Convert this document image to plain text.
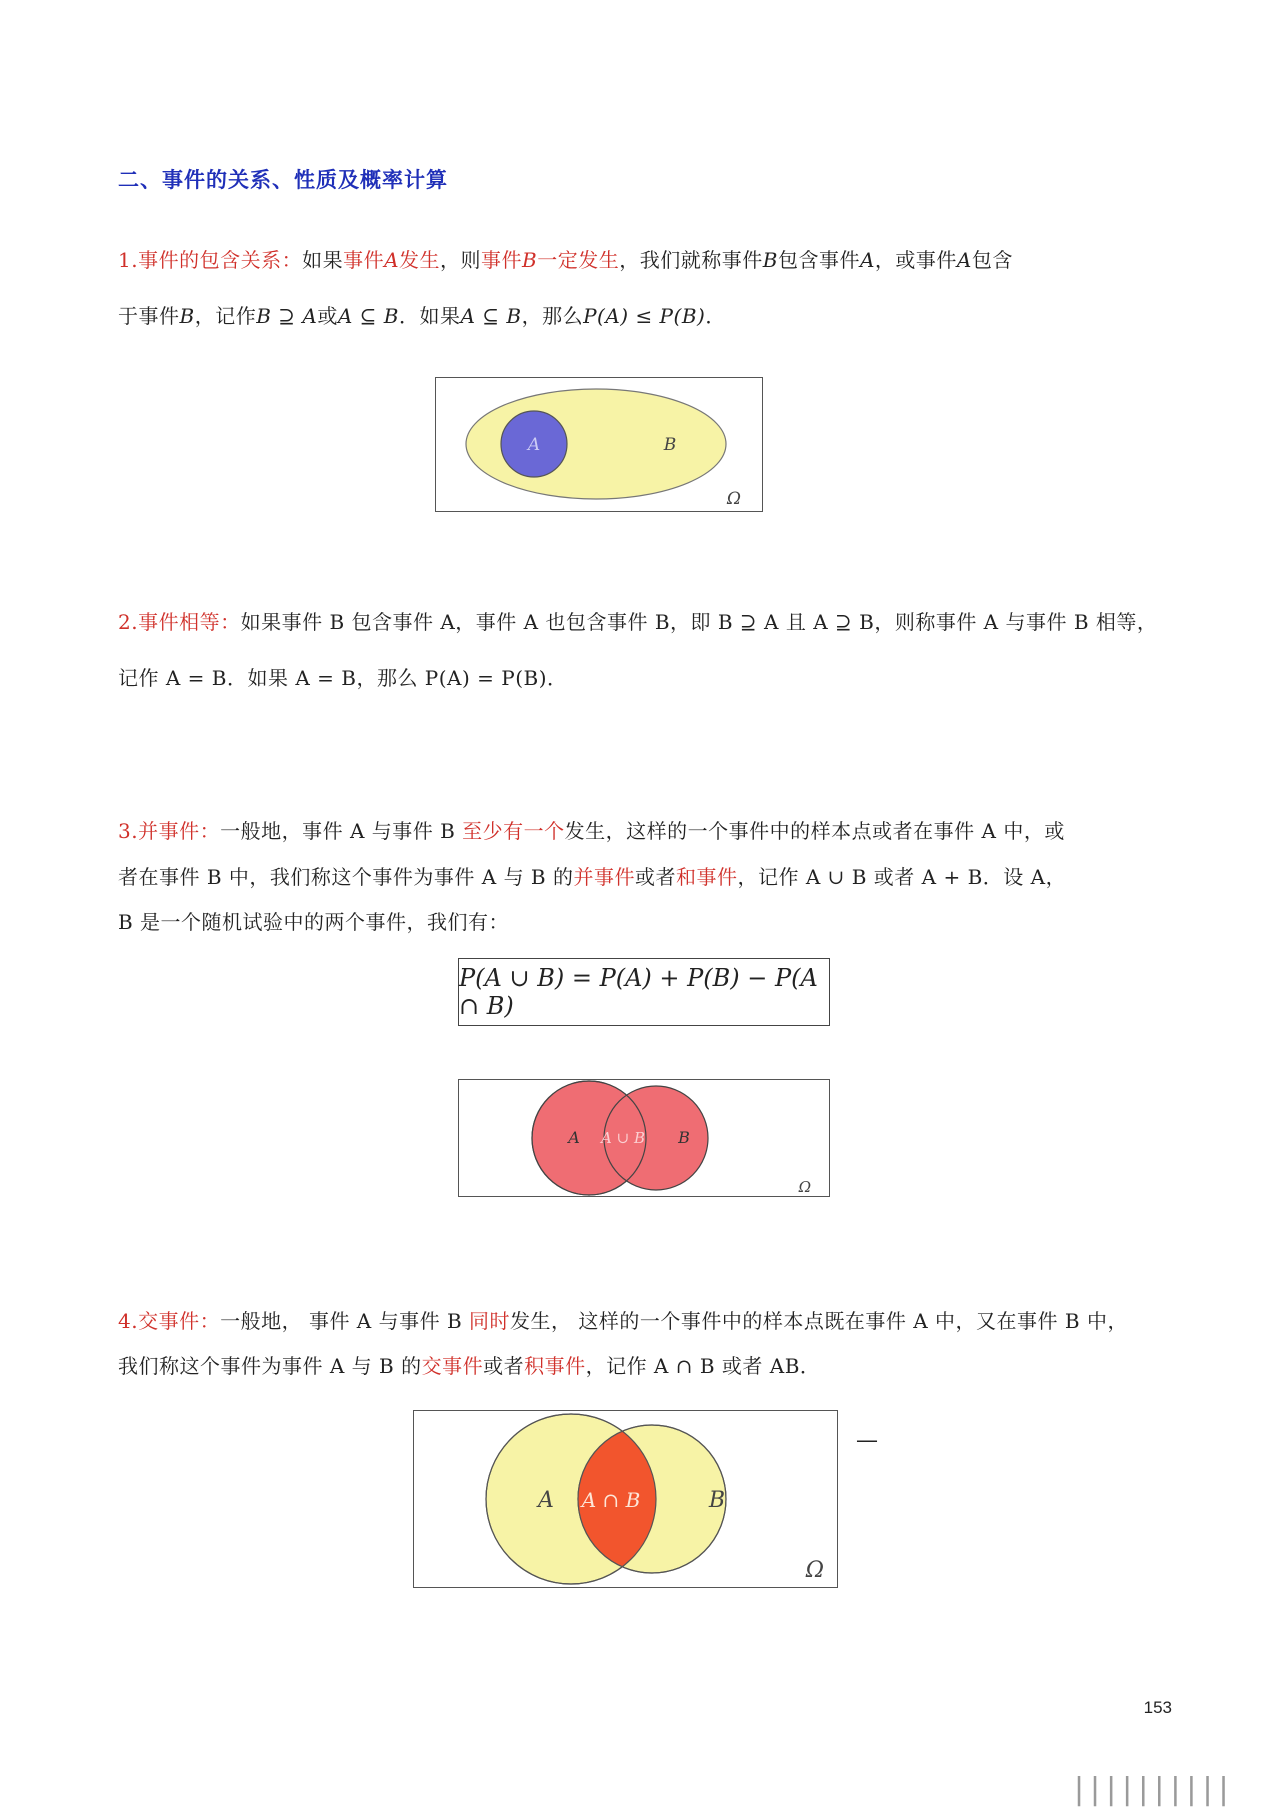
二、事件的关系、性质及概率计算
1.事件的包含关系：如果事件A发生，则事件B一定发生，我们就称事件B包含事件A，或事件A包含
于事件B，记作B ⊇ A或A ⊆ B．如果A ⊆ B，那么P(A) ≤ P(B)．
A	B
Ω
2.事件相等：如果事件 B 包含事件 A，事件 A 也包含事件 B，即 B ⊇ A 且 A ⊇ B，则称事件 A 与事件 B 相等，
记作 A = B．如果 A = B，那么 P(A) = P(B)．
3.并事件：一般地，事件 A 与事件 B 至少有一个发生，这样的一个事件中的样本点或者在事件 A 中，或
者在事件 B 中，我们称这个事件为事件 A 与 B 的并事件或者和事件，记作 A ∪ B 或者 A + B．设 A，
B 是一个随机试验中的两个事件，我们有：
P(A ∪ B) = P(A) + P(B) − P(A ∩ B)
A A ∪ B B
Ω
4.交事件：一般地， 事件 A 与事件 B 同时发生， 这样的一个事件中的样本点既在事件 A 中，又在事件 B 中，
我们称这个事件为事件 A 与 B 的交事件或者积事件，记作 A ∩ B 或者 AB．
A A ∩ B	B
Ω
—
153
||||||||||
